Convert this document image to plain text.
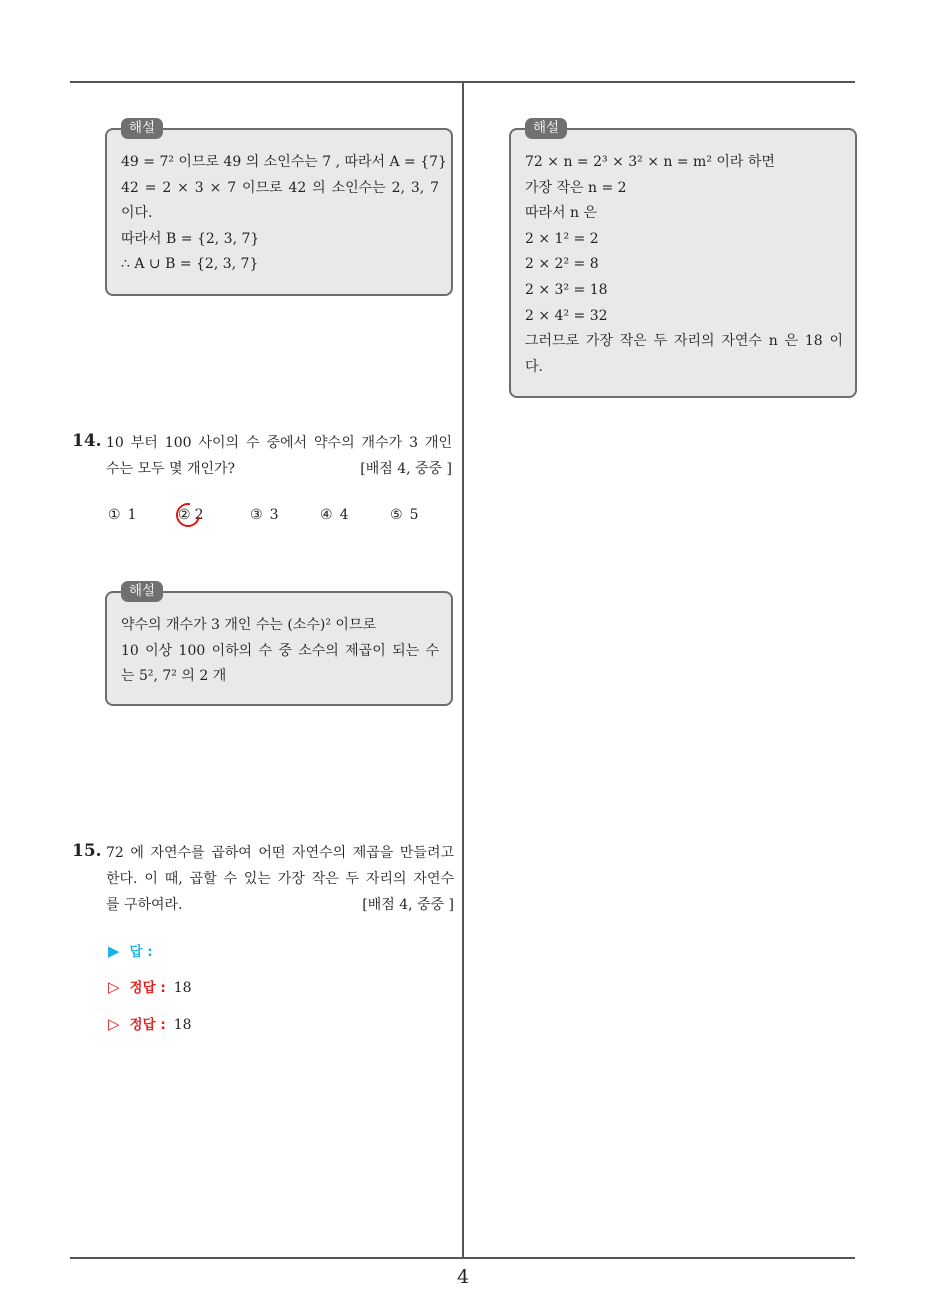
해설
49 = 7² 이므로 49 의 소인수는 7 , 따라서 A = {7}
42 = 2 × 3 × 7 이므로 42 의 소인수는 2, 3, 7
이다.
따라서 B = {2, 3, 7}
∴ A ∪ B = {2, 3, 7}
14. 10 부터 100 사이의 수 중에서 약수의 개수가 3 개인
수는 모두 몇 개인가?	[배점 4, 중중 ]
① 1	② 2	③ 3	④ 4	⑤ 5
해설
약수의 개수가 3 개인 수는 (소수)² 이므로
10 이상 100 이하의 수 중 소수의 제곱이 되는 수
는 5², 7² 의 2 개
15. 72 에 자연수를 곱하여 어떤 자연수의 제곱을 만들려고
한다. 이 때, 곱할 수 있는 가장 작은 두 자리의 자연수
를 구하여라.	[배점 4, 중중 ]
▶ 답 :
▷ 정답 : 18
▷ 정답 : 18
해설
72 × n = 2³ × 3² × n = m² 이라 하면
가장 작은 n = 2
따라서 n 은
2 × 1² = 2
2 × 2² = 8
2 × 3² = 18
2 × 4² = 32
그러므로 가장 작은 두 자리의 자연수 n 은 18 이
다.
4
